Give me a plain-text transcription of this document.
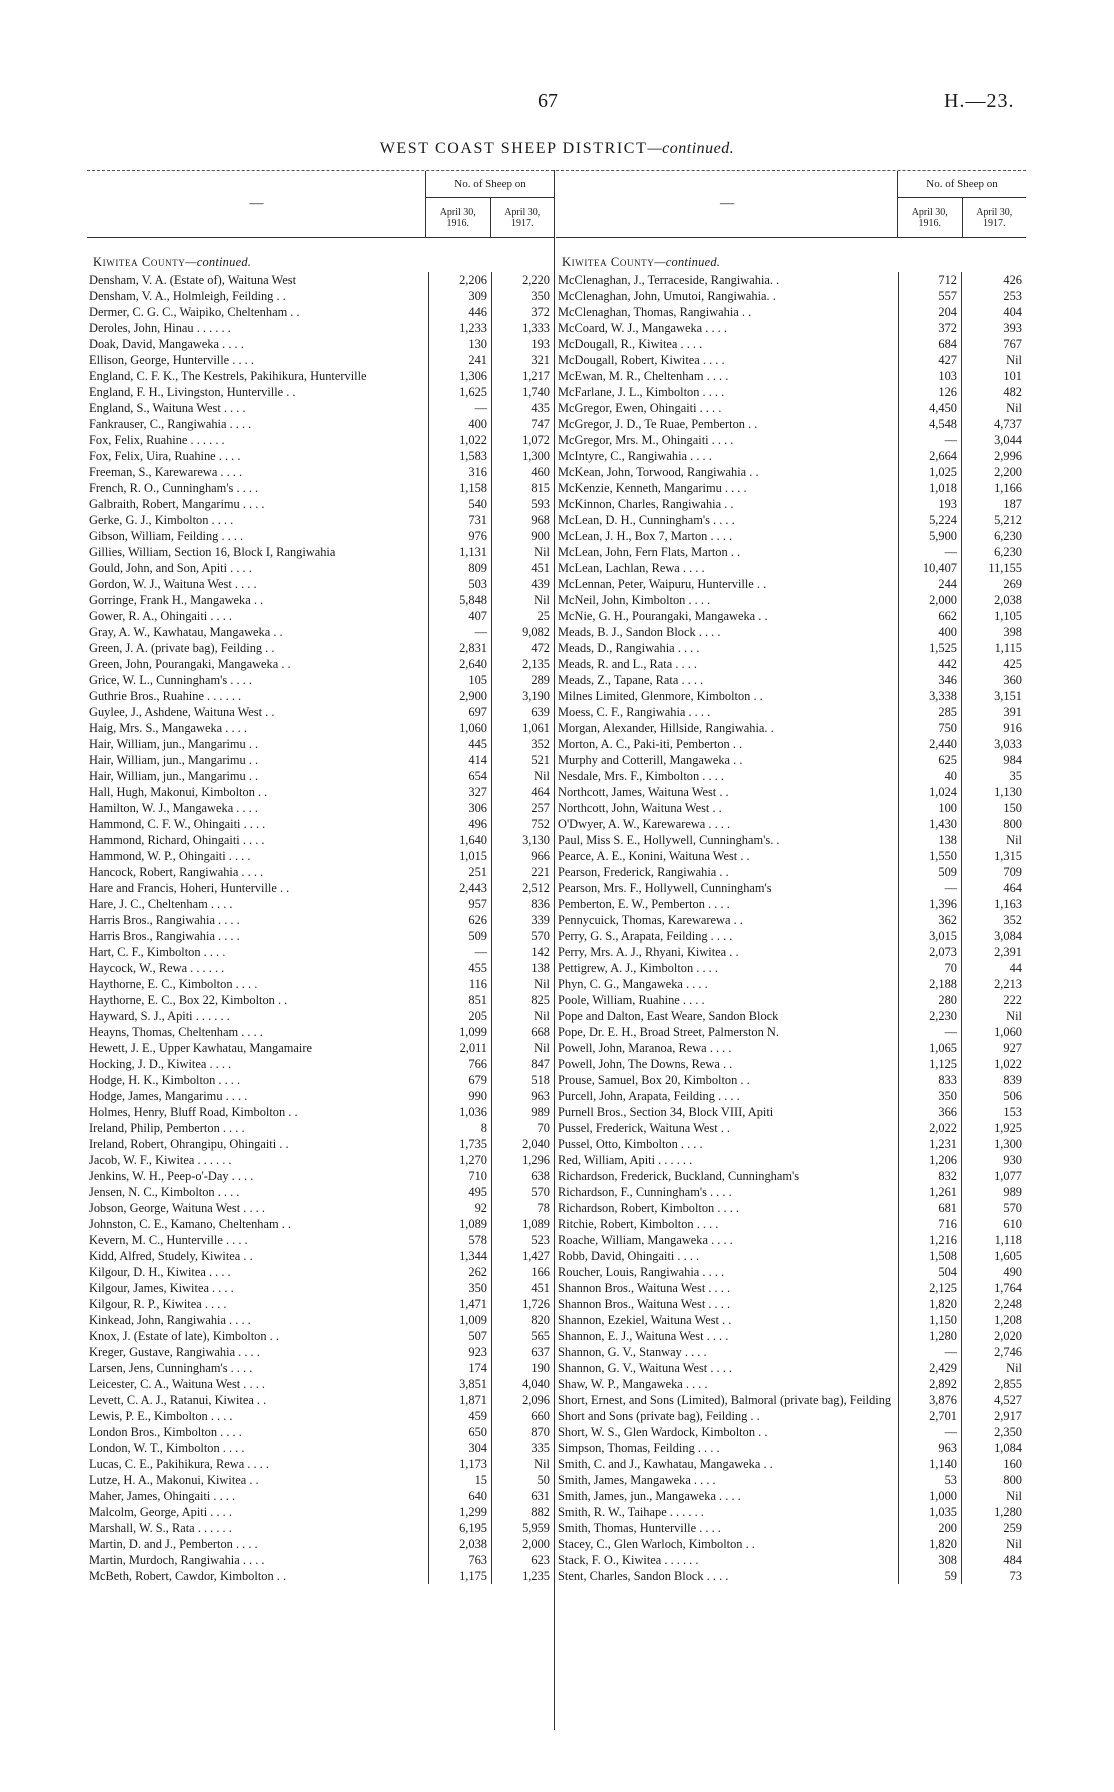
67	H.—23.
WEST COAST SHEEP DISTRICT—continued.
—
No. of Sheep on
April 30,
1916.
April 30,
1917.
Kiwitea County—continued.
Densham, V. A. (Estate of), Waituna West	2,206	2,220
Densham, V. A., Holmleigh, Feilding . .	309	350
Dermer, C. G. C., Waipiko, Cheltenham . .	446	372
Deroles, John, Hinau . . . . . .	1,233	1,333
Doak, David, Mangaweka . . . .	130	193
Ellison, George, Hunterville . . . .	241	321
England, C. F. K., The Kestrels, Pakihikura, Hunterville	1,306	1,217
England, F. H., Livingston, Hunterville . .	1,625	1,740
England, S., Waituna West . . . .	—	435
Fankrauser, C., Rangiwahia . . . .	400	747
Fox, Felix, Ruahine . . . . . .	1,022	1,072
Fox, Felix, Uira, Ruahine . . . .	1,583	1,300
Freeman, S., Karewarewa . . . .	316	460
French, R. O., Cunningham's . . . .	1,158	815
Galbraith, Robert, Mangarimu . . . .	540	593
Gerke, G. J., Kimbolton . . . .	731	968
Gibson, William, Feilding . . . .	976	900
Gillies, William, Section 16, Block I, Rangiwahia	1,131	Nil
Gould, John, and Son, Apiti . . . .	809	451
Gordon, W. J., Waituna West . . . .	503	439
Gorringe, Frank H., Mangaweka . .	5,848	Nil
Gower, R. A., Ohingaiti . . . .	407	25
Gray, A. W., Kawhatau, Mangaweka . .	—	9,082
Green, J. A. (private bag), Feilding . .	2,831	472
Green, John, Pourangaki, Mangaweka . .	2,640	2,135
Grice, W. L., Cunningham's . . . .	105	289
Guthrie Bros., Ruahine . . . . . .	2,900	3,190
Guylee, J., Ashdene, Waituna West . .	697	639
Haig, Mrs. S., Mangaweka . . . .	1,060	1,061
Hair, William, jun., Mangarimu . .	445	352
Hair, William, jun., Mangarimu . .	414	521
Hair, William, jun., Mangarimu . .	654	Nil
Hall, Hugh, Makonui, Kimbolton . .	327	464
Hamilton, W. J., Mangaweka . . . .	306	257
Hammond, C. F. W., Ohingaiti . . . .	496	752
Hammond, Richard, Ohingaiti . . . .	1,640	3,130
Hammond, W. P., Ohingaiti . . . .	1,015	966
Hancock, Robert, Rangiwahia . . . .	251	221
Hare and Francis, Hoheri, Hunterville . .	2,443	2,512
Hare, J. C., Cheltenham . . . .	957	836
Harris Bros., Rangiwahia . . . .	626	339
Harris Bros., Rangiwahia . . . .	509	570
Hart, C. F., Kimbolton . . . .	—	142
Haycock, W., Rewa . . . . . .	455	138
Haythorne, E. C., Kimbolton . . . .	116	Nil
Haythorne, E. C., Box 22, Kimbolton . .	851	825
Hayward, S. J., Apiti . . . . . .	205	Nil
Heayns, Thomas, Cheltenham . . . .	1,099	668
Hewett, J. E., Upper Kawhatau, Mangamaire	2,011	Nil
Hocking, J. D., Kiwitea . . . .	766	847
Hodge, H. K., Kimbolton . . . .	679	518
Hodge, James, Mangarimu . . . .	990	963
Holmes, Henry, Bluff Road, Kimbolton . .	1,036	989
Ireland, Philip, Pemberton . . . .	8	70
Ireland, Robert, Ohrangipu, Ohingaiti . .	1,735	2,040
Jacob, W. F., Kiwitea . . . . . .	1,270	1,296
Jenkins, W. H., Peep-o'-Day . . . .	710	638
Jensen, N. C., Kimbolton . . . .	495	570
Jobson, George, Waituna West . . . .	92	78
Johnston, C. E., Kamano, Cheltenham . .	1,089	1,089
Kevern, M. C., Hunterville . . . .	578	523
Kidd, Alfred, Studely, Kiwitea . .	1,344	1,427
Kilgour, D. H., Kiwitea . . . .	262	166
Kilgour, James, Kiwitea . . . .	350	451
Kilgour, R. P., Kiwitea . . . .	1,471	1,726
Kinkead, John, Rangiwahia . . . .	1,009	820
Knox, J. (Estate of late), Kimbolton . .	507	565
Kreger, Gustave, Rangiwahia . . . .	923	637
Larsen, Jens, Cunningham's . . . .	174	190
Leicester, C. A., Waituna West . . . .	3,851	4,040
Levett, C. A. J., Ratanui, Kiwitea . .	1,871	2,096
Lewis, P. E., Kimbolton . . . .	459	660
London Bros., Kimbolton . . . .	650	870
London, W. T., Kimbolton . . . .	304	335
Lucas, C. E., Pakihikura, Rewa . . . .	1,173	Nil
Lutze, H. A., Makonui, Kiwitea . .	15	50
Maher, James, Ohingaiti . . . .	640	631
Malcolm, George, Apiti . . . .	1,299	882
Marshall, W. S., Rata . . . . . .	6,195	5,959
Martin, D. and J., Pemberton . . . .	2,038	2,000
Martin, Murdoch, Rangiwahia . . . .	763	623
McBeth, Robert, Cawdor, Kimbolton . .	1,175	1,235
—
No. of Sheep on
April 30,
1916.
April 30,
1917.
Kiwitea County—continued.
McClenaghan, J., Terraceside, Rangiwahia. .	712	426
McClenaghan, John, Umutoi, Rangiwahia. .	557	253
McClenaghan, Thomas, Rangiwahia . .	204	404
McCoard, W. J., Mangaweka . . . .	372	393
McDougall, R., Kiwitea . . . .	684	767
McDougall, Robert, Kiwitea . . . .	427	Nil
McEwan, M. R., Cheltenham . . . .	103	101
McFarlane, J. L., Kimbolton . . . .	126	482
McGregor, Ewen, Ohingaiti . . . .	4,450	Nil
McGregor, J. D., Te Ruae, Pemberton . .	4,548	4,737
McGregor, Mrs. M., Ohingaiti . . . .	—	3,044
McIntyre, C., Rangiwahia . . . .	2,664	2,996
McKean, John, Torwood, Rangiwahia . .	1,025	2,200
McKenzie, Kenneth, Mangarimu . . . .	1,018	1,166
McKinnon, Charles, Rangiwahia . .	193	187
McLean, D. H., Cunningham's . . . .	5,224	5,212
McLean, J. H., Box 7, Marton . . . .	5,900	6,230
McLean, John, Fern Flats, Marton . .	—	6,230
McLean, Lachlan, Rewa . . . .	10,407	11,155
McLennan, Peter, Waipuru, Hunterville . .	244	269
McNeil, John, Kimbolton . . . .	2,000	2,038
McNie, G. H., Pourangaki, Mangaweka . .	662	1,105
Meads, B. J., Sandon Block . . . .	400	398
Meads, D., Rangiwahia . . . .	1,525	1,115
Meads, R. and L., Rata . . . .	442	425
Meads, Z., Tapane, Rata . . . .	346	360
Milnes Limited, Glenmore, Kimbolton . .	3,338	3,151
Moess, C. F., Rangiwahia . . . .	285	391
Morgan, Alexander, Hillside, Rangiwahia. .	750	916
Morton, A. C., Paki-iti, Pemberton . .	2,440	3,033
Murphy and Cotterill, Mangaweka . .	625	984
Nesdale, Mrs. F., Kimbolton . . . .	40	35
Northcott, James, Waituna West . .	1,024	1,130
Northcott, John, Waituna West . .	100	150
O'Dwyer, A. W., Karewarewa . . . .	1,430	800
Paul, Miss S. E., Hollywell, Cunningham's. .	138	Nil
Pearce, A. E., Konini, Waituna West . .	1,550	1,315
Pearson, Frederick, Rangiwahia . .	509	709
Pearson, Mrs. F., Hollywell, Cunningham's	—	464
Pemberton, E. W., Pemberton . . . .	1,396	1,163
Pennycuick, Thomas, Karewarewa . .	362	352
Perry, G. S., Arapata, Feilding . . . .	3,015	3,084
Perry, Mrs. A. J., Rhyani, Kiwitea . .	2,073	2,391
Pettigrew, A. J., Kimbolton . . . .	70	44
Phyn, C. G., Mangaweka . . . .	2,188	2,213
Poole, William, Ruahine . . . .	280	222
Pope and Dalton, East Weare, Sandon Block	2,230	Nil
Pope, Dr. E. H., Broad Street, Palmerston N.	—	1,060
Powell, John, Maranoa, Rewa . . . .	1,065	927
Powell, John, The Downs, Rewa . .	1,125	1,022
Prouse, Samuel, Box 20, Kimbolton . .	833	839
Purcell, John, Arapata, Feilding . . . .	350	506
Purnell Bros., Section 34, Block VIII, Apiti	366	153
Pussel, Frederick, Waituna West . .	2,022	1,925
Pussel, Otto, Kimbolton . . . .	1,231	1,300
Red, William, Apiti . . . . . .	1,206	930
Richardson, Frederick, Buckland, Cunningham's	832	1,077
Richardson, F., Cunningham's . . . .	1,261	989
Richardson, Robert, Kimbolton . . . .	681	570
Ritchie, Robert, Kimbolton . . . .	716	610
Roache, William, Mangaweka . . . .	1,216	1,118
Robb, David, Ohingaiti . . . .	1,508	1,605
Roucher, Louis, Rangiwahia . . . .	504	490
Shannon Bros., Waituna West . . . .	2,125	1,764
Shannon Bros., Waituna West . . . .	1,820	2,248
Shannon, Ezekiel, Waituna West . .	1,150	1,208
Shannon, E. J., Waituna West . . . .	1,280	2,020
Shannon, G. V., Stanway . . . .	—	2,746
Shannon, G. V., Waituna West . . . .	2,429	Nil
Shaw, W. P., Mangaweka . . . .	2,892	2,855
Short, Ernest, and Sons (Limited), Balmoral (private bag), Feilding	3,876	4,527
Short and Sons (private bag), Feilding . .	2,701	2,917
Short, W. S., Glen Wardock, Kimbolton . .	—	2,350
Simpson, Thomas, Feilding . . . .	963	1,084
Smith, C. and J., Kawhatau, Mangaweka . .	1,140	160
Smith, James, Mangaweka . . . .	53	800
Smith, James, jun., Mangaweka . . . .	1,000	Nil
Smith, R. W., Taihape . . . . . .	1,035	1,280
Smith, Thomas, Hunterville . . . .	200	259
Stacey, C., Glen Warloch, Kimbolton . .	1,820	Nil
Stack, F. O., Kiwitea . . . . . .	308	484
Stent, Charles, Sandon Block . . . .	59	73
